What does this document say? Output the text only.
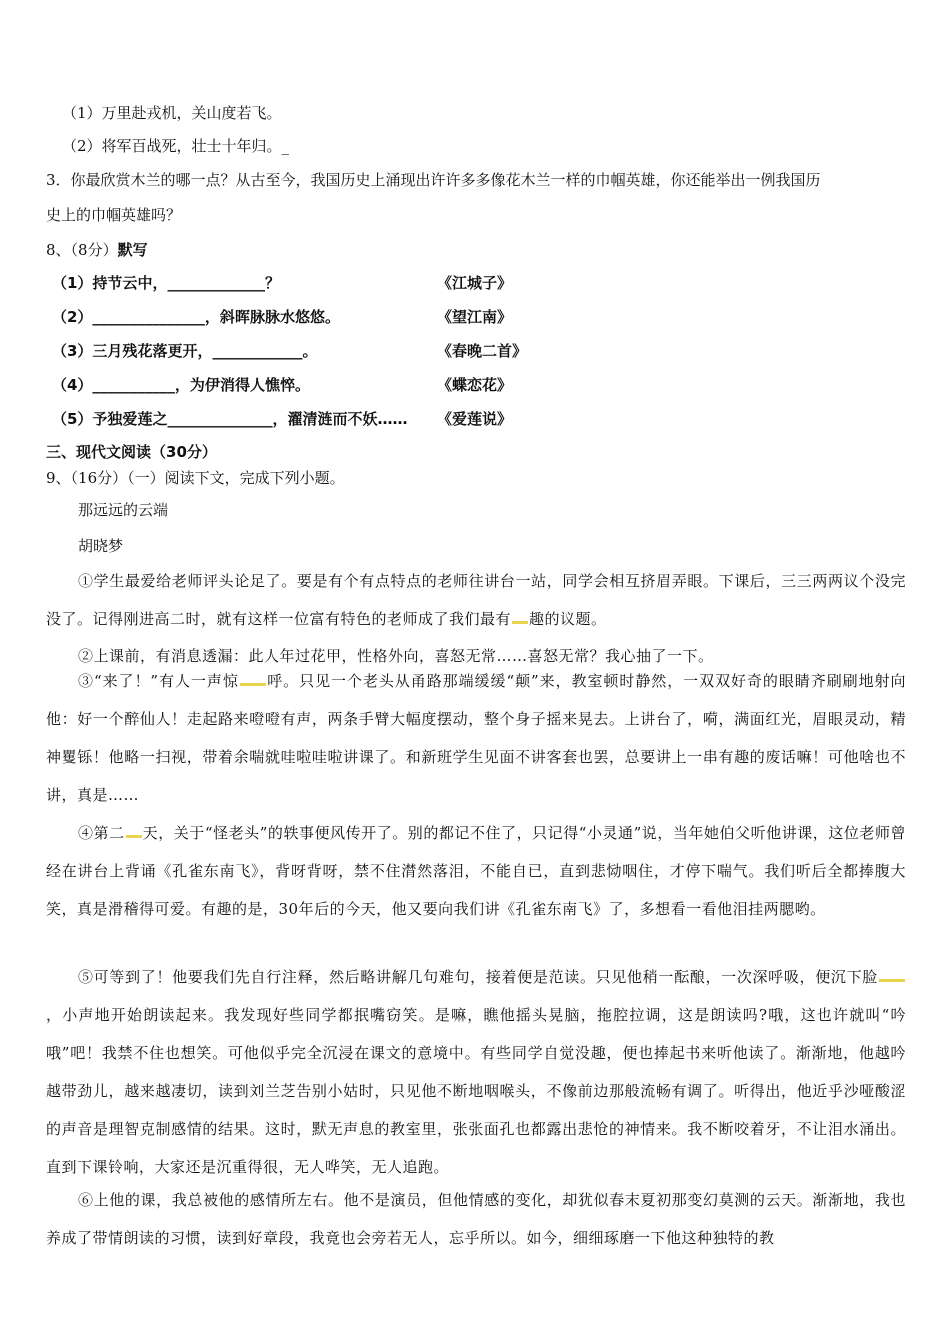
（1）万里赴戎机，关山度若飞。
（2）将军百战死，壮士十年归。_
3．你最欣赏木兰的哪一点？从古至今，我国历史上涌现出许许多多像花木兰一样的巾帼英雄，你还能举出一例我国历
史上的巾帼英雄吗？
8、（8分）默写
（1）持节云中，_____________？	《江城子》
（2）_______________，斜晖脉脉水悠悠。	《望江南》
（3）三月残花落更开，____________。	《春晚二首》
（4）___________，为伊消得人憔悴。	《蝶恋花》
（5）予独爱莲之______________，濯清涟而不妖…… 《爱莲说》
三、现代文阅读（30分）
9、（16分）（一）阅读下文，完成下列小题。
那远远的云端
胡晓梦
①学生最爱给老师评头论足了。要是有个有点特点的老师往讲台一站，同学会相互挤眉弄眼。下课后，三三两两议个没完没了。记得刚进高二时，就有这样一位富有特色的老师成了我们最有 趣的议题。
②上课前，有消息透漏：此人年过花甲，性格外向，喜怒无常……喜怒无常？我心抽了一下。
③“来了！”有人一声惊 呼。只见一个老头从甬路那端缓缓“颠”来，教室顿时静然，一双双好奇的眼睛齐刷刷地射向他：好一个醉仙人！走起路来噔噔有声，两条手臂大幅度摆动，整个身子摇来晃去。上讲台了，嗬，满面红光，眉眼灵动，精神矍铄！他略一扫视，带着余喘就哇啦哇啦讲课了。和新班学生见面不讲客套也罢，总要讲上一串有趣的废话嘛！可他啥也不讲，真是……
④第二 天，关于“怪老头”的轶事便风传开了。别的都记不住了，只记得“小灵通”说，当年她伯父听他讲课，这位老师曾经在讲台上背诵《孔雀东南飞》，背呀背呀，禁不住潸然落泪，不能自已，直到悲恸咽住，才停下喘气。我们听后全都捧腹大笑，真是滑稽得可爱。有趣的是，30年后的今天，他又要向我们讲《孔雀东南飞》了，多想看一看他泪挂两腮哟。
⑤可等到了！他要我们先自行注释，然后略讲解几句难句，接着便是范读。只见他稍一酝酿，一次深呼吸，便沉下脸，小声地开始朗读起来。我发现好些同学都抿嘴窃笑。是嘛，瞧他摇头晃脑，拖腔拉调，这是朗读吗?哦，这也许就叫“吟哦”吧！我禁不住也想笑。可他似乎完全沉浸在课文的意境中。有些同学自觉没趣，便也捧起书来听他读了。渐渐地，他越吟越带劲儿，越来越凄切，读到刘兰芝告别小姑时，只见他不断地咽喉头，不像前边那般流畅有调了。听得出，他近乎沙哑酸涩的声音是理智克制感情的结果。这时，默无声息的教室里，张张面孔也都露出悲怆的神情来。我不断咬着牙，不让泪水涌出。直到下课铃响，大家还是沉重得很，无人哗笑，无人追跑。
⑥上他的课，我总被他的感情所左右。他不是演员，但他情感的变化，却犹似春末夏初那变幻莫测的云天。渐渐地，我也养成了带情朗读的习惯，读到好章段，我竟也会旁若无人，忘乎所以。如今，细细琢磨一下他这种独特的教
